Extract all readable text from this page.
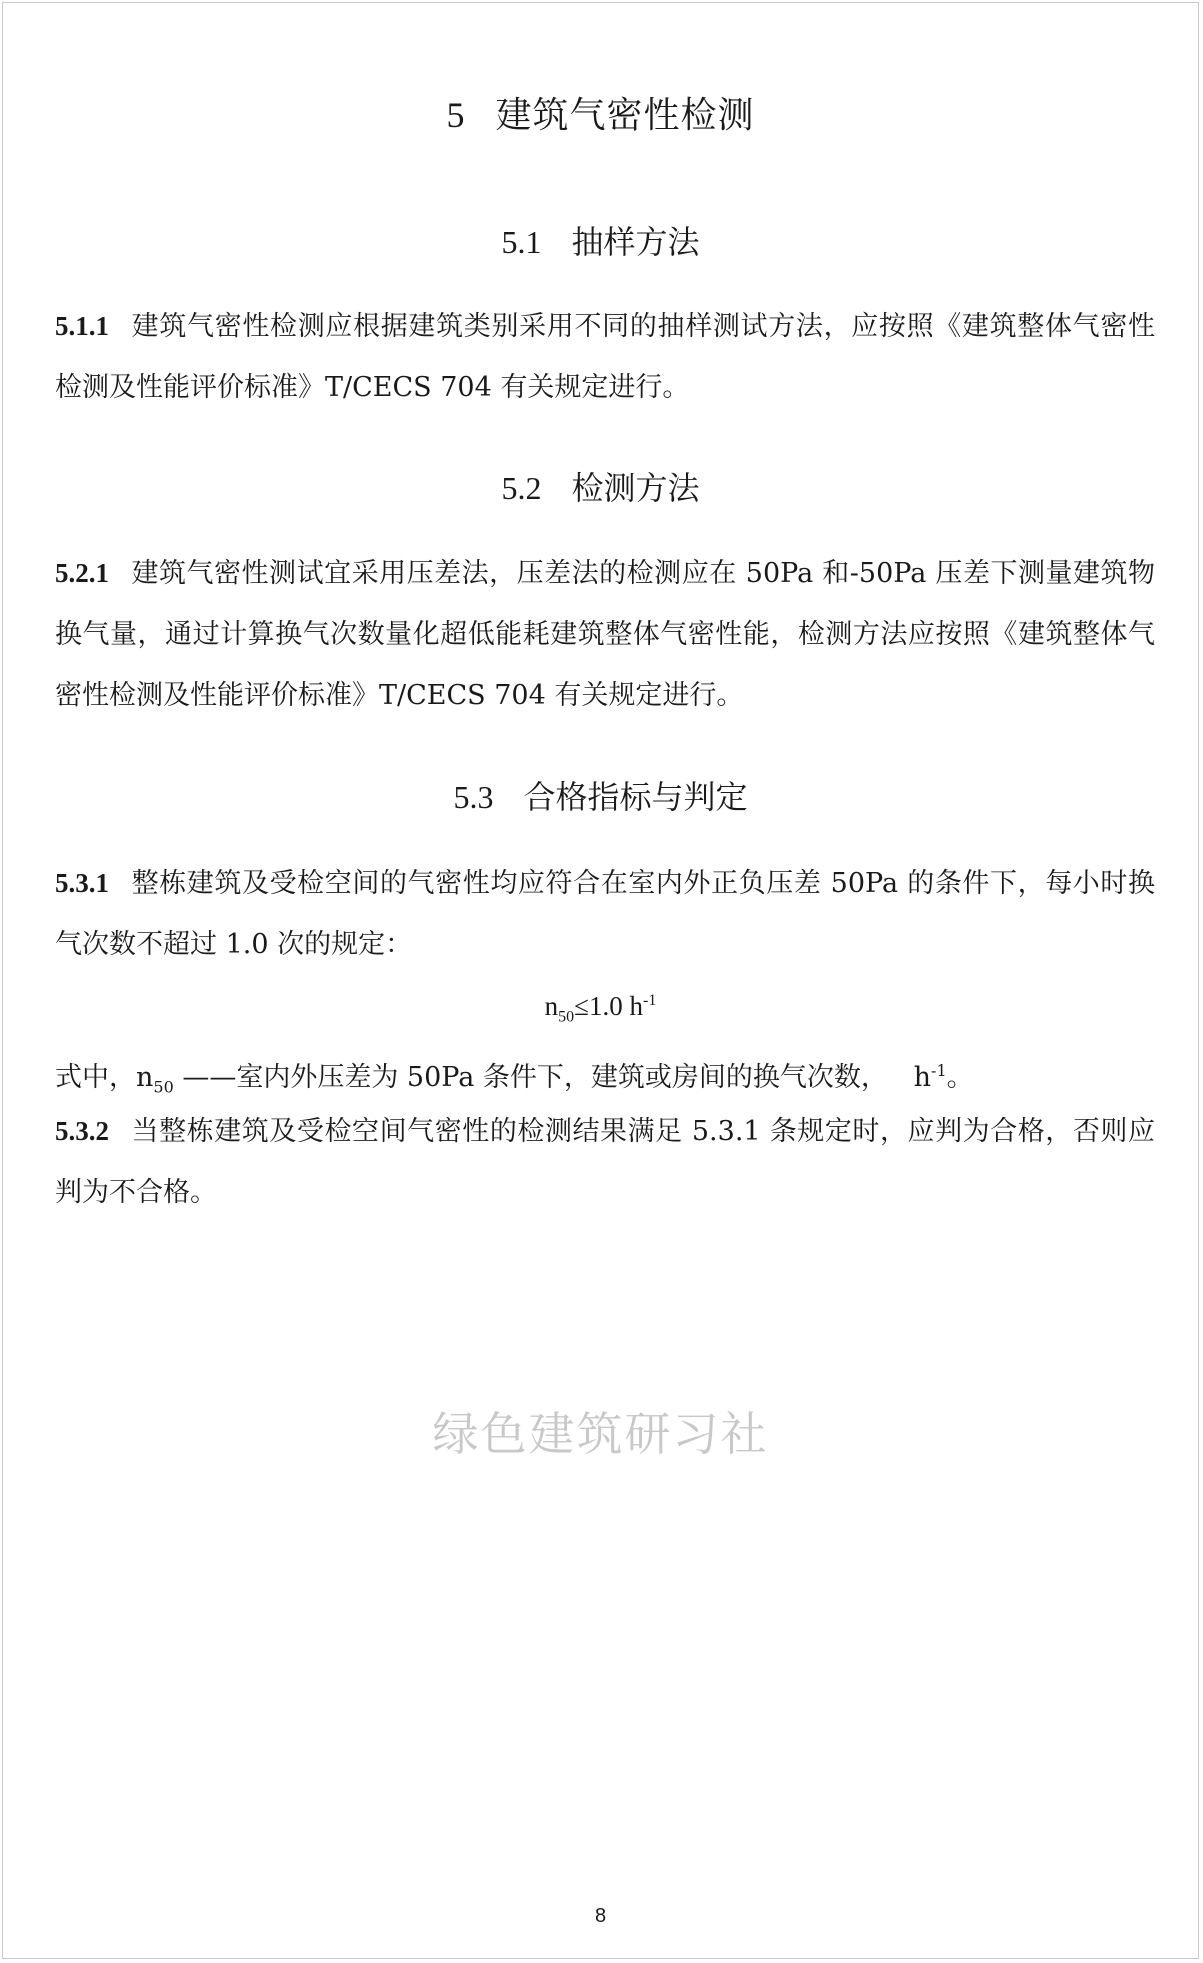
5 建筑气密性检测
5.1 抽样方法
5.1.1 建筑气密性检测应根据建筑类别采用不同的抽样测试方法，应按照《建筑整体气密性检测及性能评价标准》T/CECS 704 有关规定进行。
5.2 检测方法
5.2.1 建筑气密性测试宜采用压差法，压差法的检测应在 50Pa 和-50Pa 压差下测量建筑物换气量，通过计算换气次数量化超低能耗建筑整体气密性能，检测方法应按照《建筑整体气密性检测及性能评价标准》T/CECS 704 有关规定进行。
5.3 合格指标与判定
5.3.1 整栋建筑及受检空间的气密性均应符合在室内外正负压差 50Pa 的条件下，每小时换气次数不超过 1.0 次的规定：
$n_{50}\le 1.0$ $h^{-1}$
式中，$n_{50}$ ——室内外压差为 50Pa 条件下，建筑或房间的换气次数， $h^{-1}$。
5.3.2 当整栋建筑及受检空间气密性的检测结果满足 5.3.1 条规定时，应判为合格，否则应判为不合格。
绿色建筑研习社
8
